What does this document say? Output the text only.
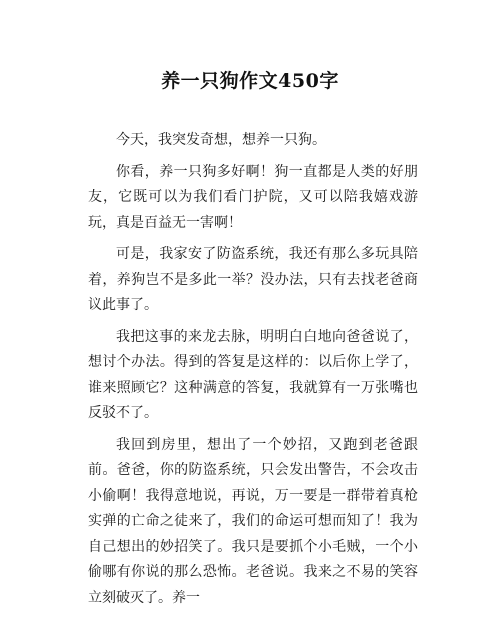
养一只狗作文450字

今天，我突发奇想，想养一只狗。

你看，养一只狗多好啊！狗一直都是人类的好朋友，它既可以为我们看门护院，又可以陪我嬉戏游玩，真是百益无一害啊！

可是，我家安了防盗系统，我还有那么多玩具陪着，养狗岂不是多此一举？没办法，只有去找老爸商议此事了。

我把这事的来龙去脉，明明白白地向爸爸说了，想讨个办法。得到的答复是这样的：以后你上学了，谁来照顾它？这种满意的答复，我就算有一万张嘴也反驳不了。

我回到房里，想出了一个妙招，又跑到老爸跟前。爸爸，你的防盗系统，只会发出警告，不会攻击小偷啊！我得意地说，再说，万一要是一群带着真枪实弹的亡命之徒来了，我们的命运可想而知了！我为自己想出的妙招笑了。我只是要抓个小毛贼，一个小偷哪有你说的那么恐怖。老爸说。我来之不易的笑容立刻破灭了。养一
